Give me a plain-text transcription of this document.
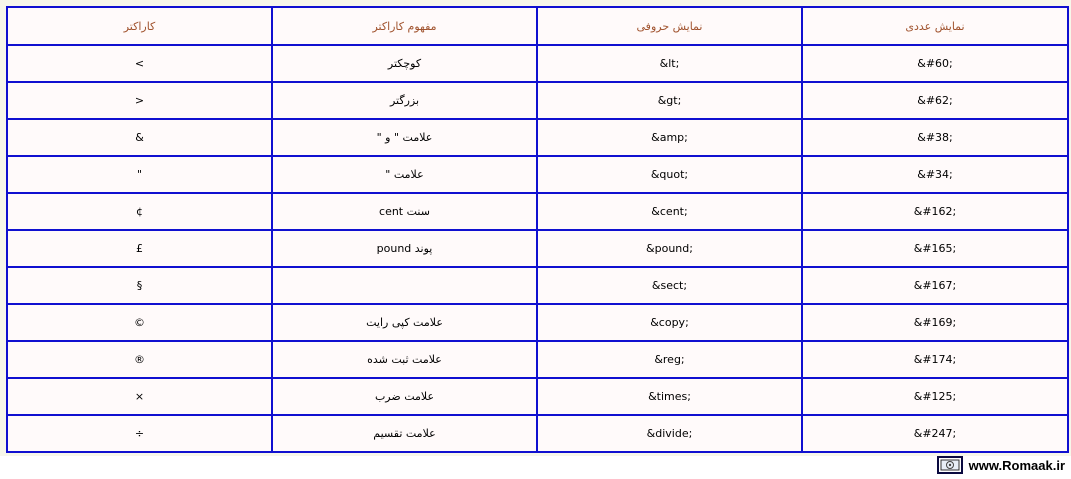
کاراکتر	مفهوم کاراکتر	نمایش حروفی	نمایش عددی
<	کوچکتر	&lt;	&#60;
>	بزرگتر	&gt;	&#62;
&	علامت " و "	&amp;	&#38;
"	علامت "	&quot;	&#34;
¢	سنت cent	&cent;	&#162;
£	پوند pound	&pound;	&#165;
§		&sect;	&#167;
©	علامت کپی رایت	&copy;	&#169;
®	علامت ثبت شده	&reg;	&#174;
×	علامت ضرب	&times;	&#125;
÷	علامت تقسیم	&divide;	&#247;
www.Romaak.ir
